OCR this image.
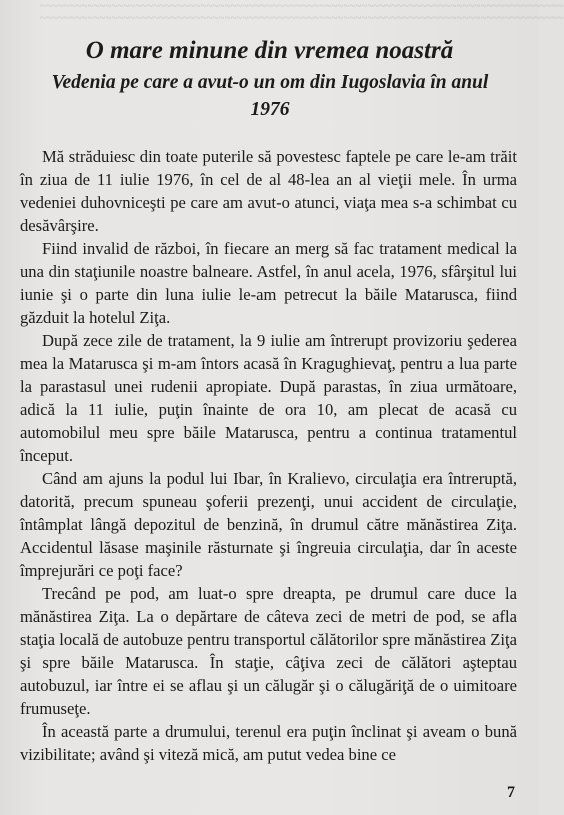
~~~~~~~~~~~~~~~~~~~~~~~~~~~~~~~~~~~~~~~~~~~~~~~~~~~~~~~~~~~~~~~~~~~~~~~~~~~~~~~~~~~~~~~~
~~~~~~~~~~~~~~~~~~~~~~~~~~~~~~~~~~~~~~~~~~~~~~~~~~~~~~~~~~~~~~~~~~~~~~~~~~~~~~~~~~~~~~~~
O mare minune din vremea noastră
Vedenia pe care a avut-o un om din Iugoslavia în anul 1976

Mă străduiesc din toate puterile să povestesc faptele pe care le-am trăit în ziua de 11 iulie 1976, în cel de al 48-lea an al vieţii mele. În urma vedeniei duhovniceşti pe care am avut-o atunci, viaţa mea s-a schimbat cu desăvârşire.

Fiind invalid de război, în fiecare an merg să fac tratament medical la una din staţiunile noastre balneare. Astfel, în anul acela, 1976, sfârşitul lui iunie şi o parte din luna iulie le-am petrecut la băile Matarusca, fiind găzduit la hotelul Ziţa.

După zece zile de tratament, la 9 iulie am întrerupt provizoriu şederea mea la Matarusca şi m-am întors acasă în Kragughievaţ, pentru a lua parte la parastasul unei rudenii apropiate. După parastas, în ziua următoare, adică la 11 iulie, puţin înainte de ora 10, am plecat de acasă cu automobilul meu spre băile Matarusca, pentru a continua tratamentul început.

Când am ajuns la podul lui Ibar, în Kralievo, circulaţia era întreruptă, datorită, precum spuneau şoferii prezenţi, unui accident de circulaţie, întâmplat lângă depozitul de benzină, în drumul către mănăstirea Ziţa. Accidentul lăsase maşinile răsturnate şi îngreuia circulaţia, dar în aceste împrejurări ce poţi face?

Trecând pe pod, am luat-o spre dreapta, pe drumul care duce la mănăstirea Ziţa. La o depărtare de câteva zeci de metri de pod, se afla staţia locală de autobuze pentru transportul călătorilor spre mănăstirea Ziţa şi spre băile Matarusca. În staţie, câţiva zeci de călători aşteptau autobuzul, iar între ei se aflau şi un călugăr şi o călugăriţă de o uimitoare frumuseţe.

În această parte a drumului, terenul era puţin înclinat şi aveam o bună vizibilitate; având şi viteză mică, am putut vedea bine ce

7
